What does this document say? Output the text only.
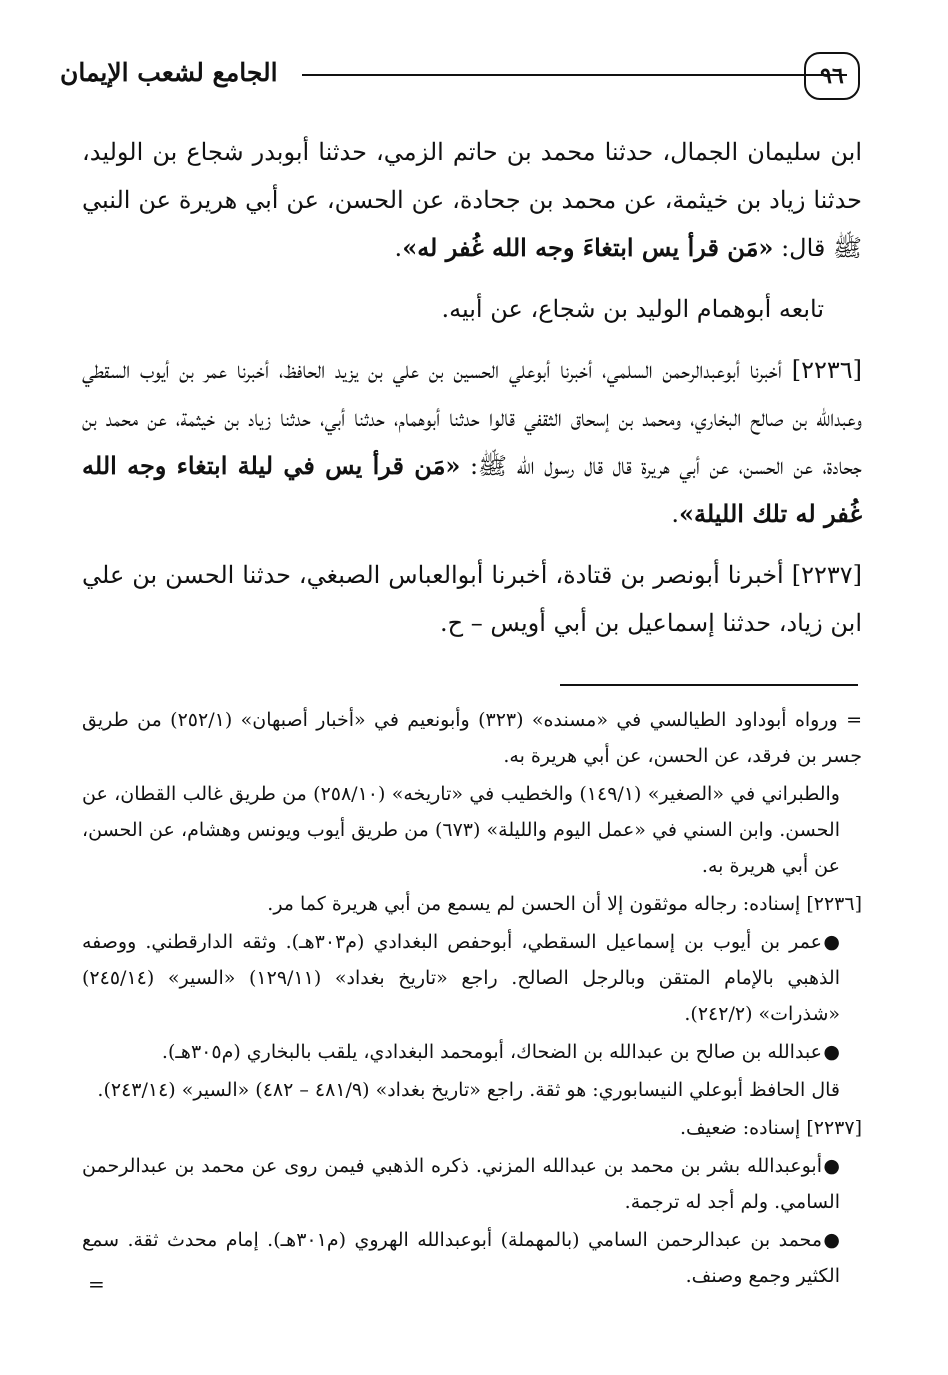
الجامع لشعب الإيمان	٩٦

ابن سليمان الجمال، حدثنا محمد بن حاتم الزمي، حدثنا أبوبدر شجاع بن الوليد، حدثنا زياد بن خيثمة، عن محمد بن جحادة، عن الحسن، عن أبي هريرة عن النبي ﷺ قال: «مَن قرأ يس ابتغاءَ وجه الله غُفر له».

تابعه أبوهمام الوليد بن شجاع، عن أبيه.

[٢٢٣٦] أخبرنا أبوعبدالرحمن السلمي، أخبرنا أبوعلي الحسين بن علي بن يزيد الحافظ، أخبرنا عمر بن أيوب السقطي وعبدالله بن صالح البخاري، ومحمد بن إسحاق الثقفي قالوا حدثنا أبوهمام، حدثنا أبي، حدثنا زياد بن خيثمة، عن محمد بن جحادة، عن الحسن، عن أبي هريرة قال قال رسول الله ﷺ: «مَن قرأ يس في ليلة ابتغاء وجه الله غُفر له تلك الليلة».

[٢٢٣٧] أخبرنا أبونصر بن قتادة، أخبرنا أبوالعباس الصبغي، حدثنا الحسن بن علي ابن زياد، حدثنا إسماعيل بن أبي أويس – ح.

= ورواه أبوداود الطيالسي في «مسنده» (٣٢٣) وأبونعيم في «أخبار أصبهان» (٢٥٢/١) من طريق جسر بن فرقد، عن الحسن، عن أبي هريرة به.
والطبراني في «الصغير» (١٤٩/١) والخطيب في «تاريخه» (٢٥٨/١٠) من طريق غالب القطان، عن الحسن. وابن السني في «عمل اليوم والليلة» (٦٧٣) من طريق أيوب ويونس وهشام، عن الحسن، عن أبي هريرة به.
[٢٢٣٦] إسناده: رجاله موثقون إلا أن الحسن لم يسمع من أبي هريرة كما مر.
●عمر بن أيوب بن إسماعيل السقطي، أبوحفص البغدادي (م٣٠٣هـ). وثقه الدارقطني. ووصفه الذهبي بالإمام المتقن وبالرجل الصالح. راجع «تاريخ بغداد» (١٢٩/١١) «السير» (٢٤٥/١٤) «شذرات» (٢٤٢/٢).
●عبدالله بن صالح بن عبدالله بن الضحاك، أبومحمد البغدادي، يلقب بالبخاري (م٣٠٥هـ).
قال الحافظ أبوعلي النيسابوري: هو ثقة. راجع «تاريخ بغداد» (٤٨١/٩ – ٤٨٢) «السير» (٢٤٣/١٤).
[٢٢٣٧] إسناده: ضعيف.
●أبوعبدالله بشر بن محمد بن عبدالله المزني. ذكره الذهبي فيمن روى عن محمد بن عبدالرحمن السامي. ولم أجد له ترجمة.
●محمد بن عبدالرحمن السامي (بالمهملة) أبوعبدالله الهروي (م٣٠١هـ). إمام محدث ثقة. سمع الكثير وجمع وصنف.
=
